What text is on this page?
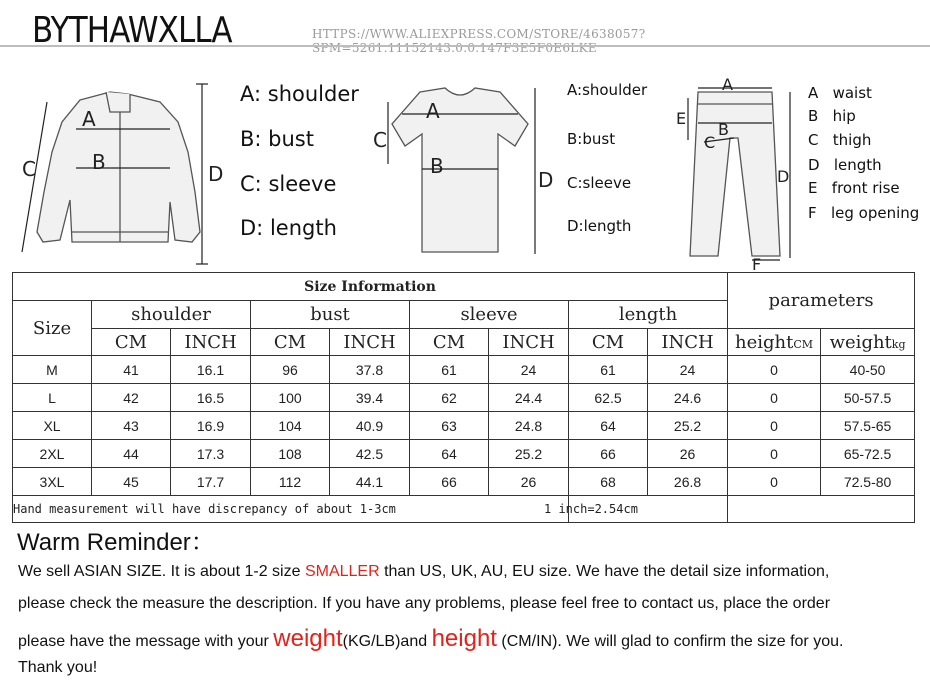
BYTHAWXLLA	HTTPS://WWW.ALIEXPRESS.COM/STORE/4638057?SPM=5261.11152143.0.0.147F3E5F0E6LKE
A
B
C	D
A: shoulder
B: bust
C: sleeve
D: length
A
B
C
D
A:shoulder
B:bust
C:sleeve
D:length
A
B
C
D
E
F
A waist
B hip
C thigh
D length
E front rise
F leg opening
Size Information									parameters	
Size	shoulder		bust		sleeve		length			
	CM	INCH	CM	INCH	CM	INCH	CM	INCH	heightCM	weightkg
M	41	16.1	96	37.8	61	24	61	24	0	40-50
L	42	16.5	100	39.4	62	24.4	62.5	24.6	0	50-57.5
XL	43	16.9	104	40.9	63	24.8	64	25.2	0	57.5-65
2XL	44	17.3	108	42.5	64	25.2	66	26	0	65-72.5
3XL	45	17.7	112	44.1	66	26	68	26.8	0	72.5-80
Hand measurement will have discrepancy of about 1-3cm							1 inch=2.54cm			
Warm Reminder：
We sell ASIAN SIZE. It is about 1-2 size SMALLER than US, UK, AU, EU size. We have the detail size information,
please check the measure the description. If you have any problems, please feel free to contact us, place the order
please have the message with your weight(KG/LB)and height (CM/IN). We will glad to confirm the size for you.
Thank you!
